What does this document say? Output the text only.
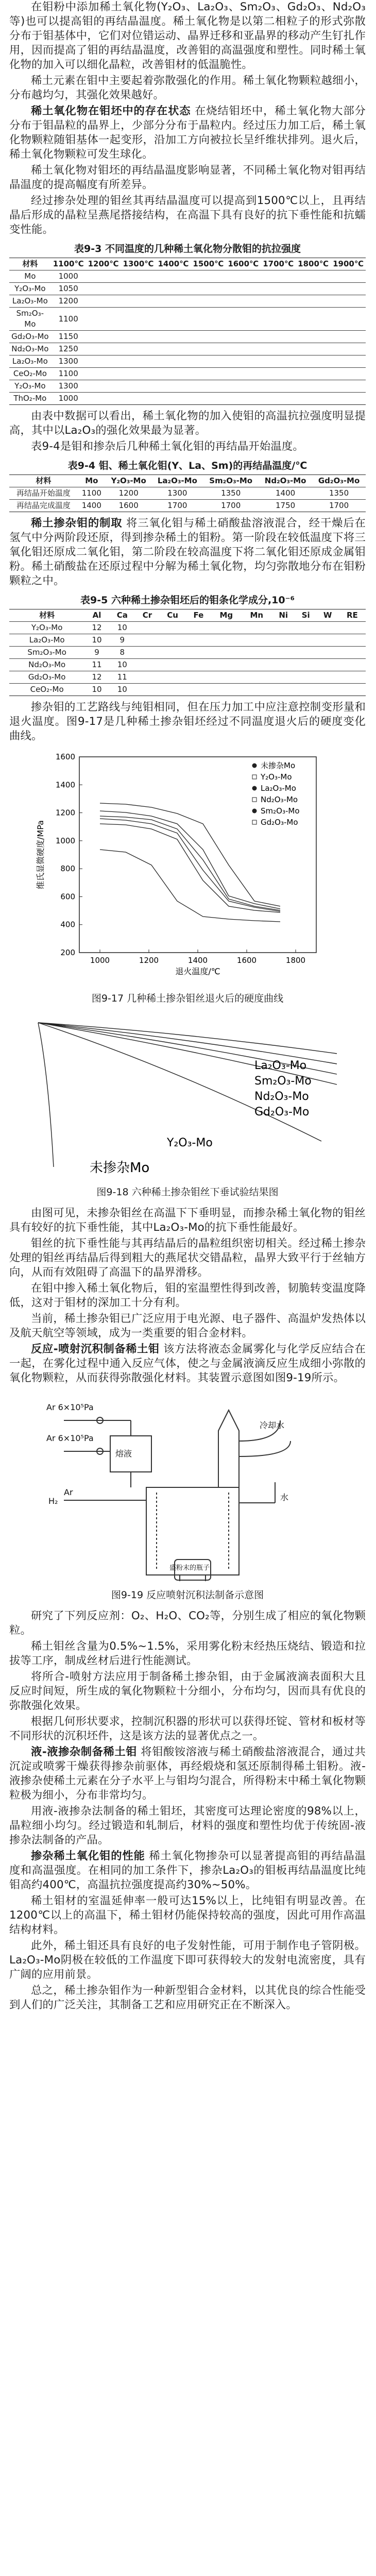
在钼粉中添加稀土氧化物(Y₂O₃、La₂O₃、Sm₂O₃、Gd₂O₃、Nd₂O₃等)也可以提高钼的再结晶温度。稀土氧化物是以第二相粒子的形式弥散分布于钼基体中，它们对位错运动、晶界迁移和亚晶界的移动产生钉扎作用，因而提高了钼的再结晶温度，改善钼的高温强度和塑性。同时稀土氧化物的加入可以细化晶粒，改善钼材的低温脆性。

稀土元素在钼中主要起着弥散强化的作用。稀土氧化物颗粒越细小，分布越均匀，其强化效果越好。

稀土氧化物在钼坯中的存在状态 在烧结钼坯中，稀土氧化物大部分分布于钼晶粒的晶界上，少部分分布于晶粒内。经过压力加工后，稀土氧化物颗粒随钼基体一起变形，沿加工方向被拉长呈纤维状排列。退火后，稀土氧化物颗粒可发生球化。

稀土氧化物对钼坯的再结晶温度影响显著，不同稀土氧化物对钼再结晶温度的提高幅度有所差异。

经过掺杂处理的钼丝其再结晶温度可以提高到1500℃以上，且再结晶后形成的晶粒呈燕尾搭接结构，在高温下具有良好的抗下垂性能和抗蠕变性能。

表9-3 不同温度的几种稀土氧化物分散钼的抗拉强度
材料	1100℃	1200℃	1300℃	1400℃	1500℃	1600℃	1700℃	1800℃	1900℃
Mo	1000								
Y₂O₃-Mo	1050								
La₂O₃-Mo	1200								
Sm₂O₃-Mo	1100								
Gd₂O₃-Mo	1150								
Nd₂O₃-Mo	1250								
La₂O₃-Mo	1300								
CeO₂-Mo	1100								
Y₂O₃-Mo	1300								
ThO₂-Mo	1000								

由表中数据可以看出，稀土氧化物的加入使钼的高温抗拉强度明显提高，其中以La₂O₃的强化效果最为显著。

表9-4是钼和掺杂后几种稀土氧化钼的再结晶开始温度。

表9-4 钼、稀土氧化钼(Y、La、Sm)的再结晶温度/℃
材料	Mo	Y₂O₃-Mo	La₂O₃-Mo	Sm₂O₃-Mo	Nd₂O₃-Mo	Gd₂O₃-Mo
再结晶开始温度	1100	1200	1300	1350	1400	1350
再结晶完成温度	1400	1600	1700	1700	1750	1700

稀土掺杂钼的制取 将三氧化钼与稀土硝酸盐溶液混合，经干燥后在氢气中分两阶段还原，得到掺杂稀土的钼粉。第一阶段在较低温度下将三氧化钼还原成二氧化钼，第二阶段在较高温度下将二氧化钼还原成金属钼粉。稀土硝酸盐在还原过程中分解为稀土氧化物，均匀弥散地分布在钼粉颗粒之中。

表9-5 六种稀土掺杂钼坯后的钼条化学成分,10⁻⁶
材料	Al	Ca	Cr	Cu	Fe	Mg	Mn	Ni	Si	W	RE
Y₂O₃-Mo	12	10									
La₂O₃-Mo	10	9									
Sm₂O₃-Mo	9	8									
Nd₂O₃-Mo	11	10									
Gd₂O₃-Mo	12	11									
CeO₂-Mo	10	10									

掺杂钼的工艺路线与纯钼相同，但在压力加工中应注意控制变形量和退火温度。图9-17是几种稀土掺杂钼坯经过不同温度退火后的硬度变化曲线。

1600
1400
1200
1000
800
600
400
200
1000	1200	1400	1600	1800
退火温度/℃
维氏显微硬度/MPa
未掺杂Mo
Y₂O₃-Mo
La₂O₃-Mo
Nd₂O₃-Mo
Sm₂O₃-Mo
Gd₂O₃-Mo
图9-17 几种稀土掺杂钼丝退火后的硬度曲线
La₂O₃-Mo
Sm₂O₃-Mo
Nd₂O₃-Mo
Gd₂O₃-Mo
Y₂O₃-Mo
未掺杂Mo
图9-18 六种稀土掺杂钼丝下垂试验结果图

由图可见，未掺杂钼丝在高温下下垂明显，而掺杂稀土氧化物的钼丝具有较好的抗下垂性能，其中La₂O₃-Mo的抗下垂性能最好。

钼丝的抗下垂性能与其再结晶后的晶粒组织密切相关。经过稀土掺杂处理的钼丝再结晶后得到粗大的燕尾状交错晶粒，晶界大致平行于丝轴方向，从而有效阻碍了高温下的晶界滑移。

在钼中掺入稀土氧化物后，钼的室温塑性得到改善，韧脆转变温度降低，这对于钼材的深加工十分有利。

当前，稀土掺杂钼已广泛应用于电光源、电子器件、高温炉发热体以及航天航空等领域，成为一类重要的钼合金材料。

反应-喷射沉积制备稀土钼 该方法将液态金属雾化与化学反应结合在一起，在雾化过程中通入反应气体，使之与金属液滴反应生成细小弥散的氧化物颗粒，从而获得弥散强化材料。其装置示意图如图9-19所示。

Ar 6×10⁵Pa
Ar 6×10⁵Pa
熔液
H₂
Ar
冷却水
水
盛粉末的瓶子
图9-19 反应喷射沉积法制备示意图

研究了下列反应剂：O₂、H₂O、CO₂等，分别生成了相应的氧化物颗粒。

稀土钼丝含量为0.5%~1.5%，采用雾化粉末经热压烧结、锻造和拉拔等工序，制成丝材后进行性能测试。

将所合-喷射方法应用于制备稀土掺杂钼，由于金属液滴表面积大且反应时间短，所生成的氧化物颗粒十分细小，分布均匀，因而具有优良的弥散强化效果。

根据几何形状要求，控制沉积器的形状可以获得坯锭、管材和板材等不同形状的沉积坯件，这是该方法的显著优点之一。

液-液掺杂制备稀土钼 将钼酸铵溶液与稀土硝酸盐溶液混合，通过共沉淀或喷雾干燥获得掺杂前驱体，再经煅烧和氢还原制得稀土钼粉。液-液掺杂使稀土元素在分子水平上与钼均匀混合，所得粉末中稀土氧化物颗粒极为细小，分布非常均匀。

用液-液掺杂法制备的稀土钼坯，其密度可达理论密度的98%以上，晶粒细小均匀。经过锻造和轧制后，材料的强度和塑性均优于传统固-液掺杂法制备的产品。

掺杂稀土氧化钼的性能 稀土氧化物掺杂可以显著提高钼的再结晶温度和高温强度。在相同的加工条件下，掺杂La₂O₃的钼板再结晶温度比纯钼高约400℃，高温抗拉强度提高约30%~50%。

稀土钼材的室温延伸率一般可达15%以上，比纯钼有明显改善。在1200℃以上的高温下，稀土钼材仍能保持较高的强度，因此可用作高温结构材料。

此外，稀土钼还具有良好的电子发射性能，可用于制作电子管阴极。La₂O₃-Mo阴极在较低的工作温度下即可获得较大的发射电流密度，具有广阔的应用前景。

总之，稀土掺杂钼作为一种新型钼合金材料，以其优良的综合性能受到人们的广泛关注，其制备工艺和应用研究正在不断深入。
